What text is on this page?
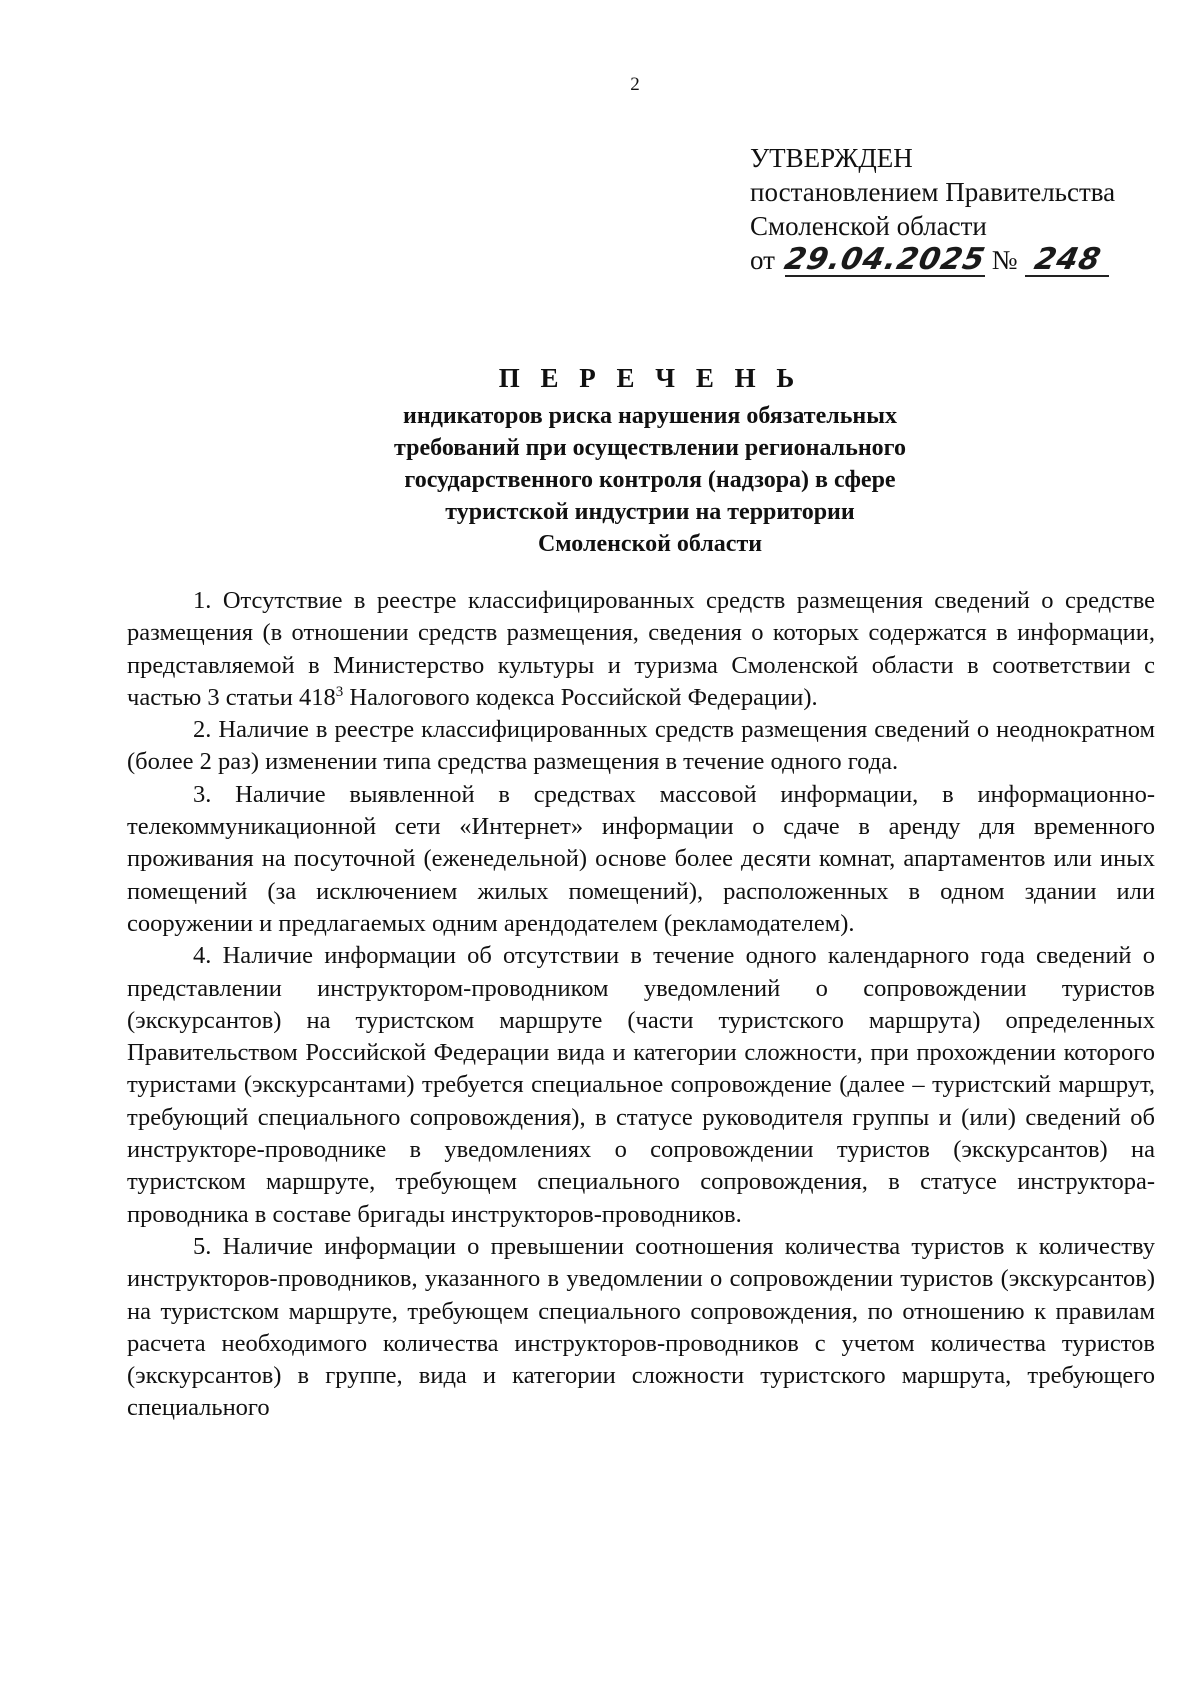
2
УТВЕРЖДЕН
постановлением Правительства
Смоленской области
от 29.04.2025 № 248
П Е Р Е Ч Е Н Ь
индикаторов риска нарушения обязательных
требований при осуществлении регионального
государственного контроля (надзора) в сфере
туристской индустрии на территории
Смоленской области

1. Отсутствие в реестре классифицированных средств размещения сведений о средстве размещения (в отношении средств размещения, сведения о которых содержатся в информации, представляемой в Министерство культуры и туризма Смоленской области в соответствии с частью 3 статьи $418^3$ Налогового кодекса Российской Федерации).

2. Наличие в реестре классифицированных средств размещения сведений о неоднократном (более 2 раз) изменении типа средства размещения в течение одного года.

3. Наличие выявленной в средствах массовой информации, в информационно-телекоммуникационной сети «Интернет» информации о сдаче в аренду для временного проживания на посуточной (еженедельной) основе более десяти комнат, апартаментов или иных помещений (за исключением жилых помещений), расположенных в одном здании или сооружении и предлагаемых одним арендодателем (рекламодателем).

4. Наличие информации об отсутствии в течение одного календарного года сведений о представлении инструктором-проводником уведомлений о сопровождении туристов (экскурсантов) на туристском маршруте (части туристского маршрута) определенных Правительством Российской Федерации вида и категории сложности, при прохождении которого туристами (экскурсантами) требуется специальное сопровождение (далее – туристский маршрут, требующий специального сопровождения), в статусе руководителя группы и (или) сведений об инструкторе-проводнике в уведомлениях о сопровождении туристов (экскурсантов) на туристском маршруте, требующем специального сопровождения, в статусе инструктора-проводника в составе бригады инструкторов-проводников.

5. Наличие информации о превышении соотношения количества туристов к количеству инструкторов-проводников, указанного в уведомлении о сопровождении туристов (экскурсантов) на туристском маршруте, требующем специального сопровождения, по отношению к правилам расчета необходимого количества инструкторов-проводников с учетом количества туристов (экскурсантов) в группе, вида и категории сложности туристского маршрута, требующего специального
